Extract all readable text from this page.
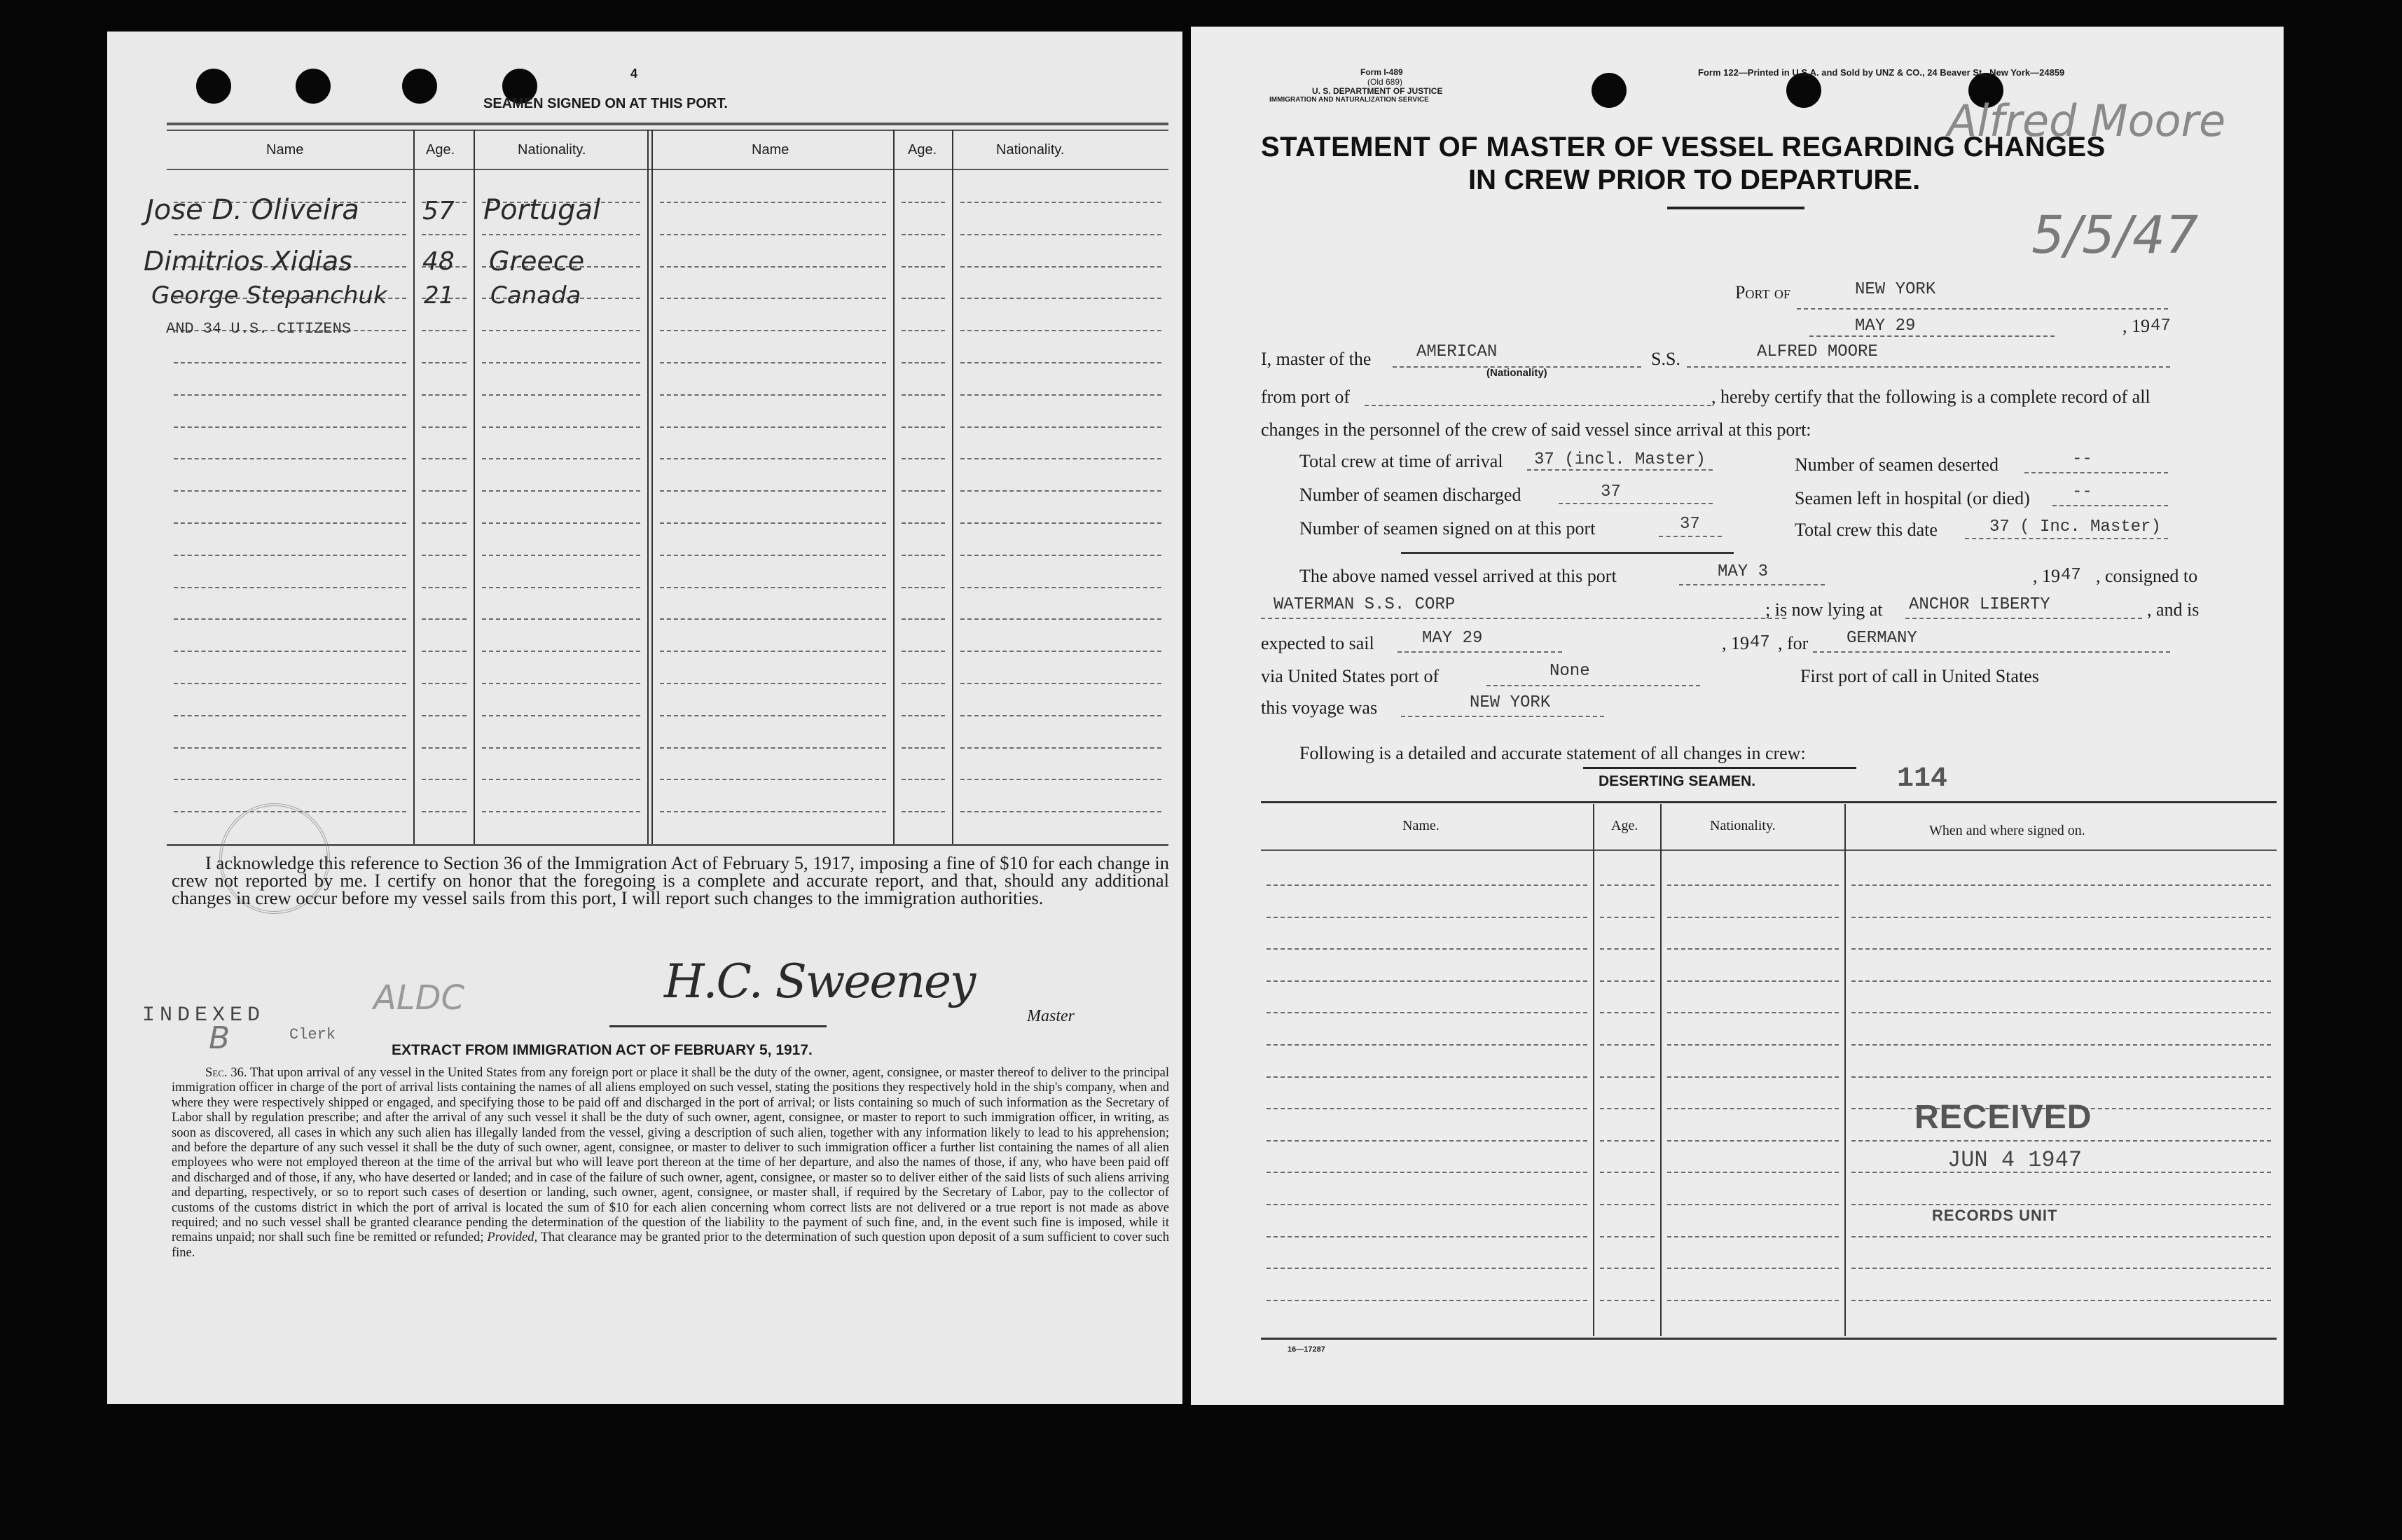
4
SEAMEN SIGNED ON AT THIS PORT.
Name	Age.	Nationality.	Name	Age.	Nationality.
Jose D. Oliveira	57 Portugal
Dimitrios Xidias	48 Greece
George Stepanchuk 21 Canada
AND 34 U.S. CITIZENS
I acknowledge this reference to Section 36 of the Immigration Act of February 5, 1917, imposing a fine of $10 for each change in crew not reported by me. I certify on honor that the foregoing is a complete and accurate report, and that, should any additional changes in crew occur before my vessel sails from this port, I will report such changes to the immigration authorities.
INDEXED	ALDC
B	Clerk
H.C. Sweeney
Master
EXTRACT FROM IMMIGRATION ACT OF FEBRUARY 5, 1917.
Sec. 36. That upon arrival of any vessel in the United States from any foreign port or place it shall be the duty of the owner, agent, consignee, or master thereof to deliver to the principal immigration officer in charge of the port of arrival lists containing the names of all aliens employed on such vessel, stating the positions they respectively hold in the ship's company, when and where they were respectively shipped or engaged, and specifying those to be paid off and discharged in the port of arrival; or lists containing so much of such information as the Secretary of Labor shall by regulation prescribe; and after the arrival of any such vessel it shall be the duty of such owner, agent, consignee, or master to report to such immigration officer, in writing, as soon as discovered, all cases in which any such alien has illegally landed from the vessel, giving a description of such alien, together with any information likely to lead to his apprehension; and before the departure of any such vessel it shall be the duty of such owner, agent, consignee, or master to deliver to such immigration officer a further list containing the names of all alien employees who were not employed thereon at the time of the arrival but who will leave port thereon at the time of her departure, and also the names of those, if any, who have been paid off and discharged and of those, if any, who have deserted or landed; and in case of the failure of such owner, agent, consignee, or master so to deliver either of the said lists of such aliens arriving and departing, respectively, or so to report such cases of desertion or landing, such owner, agent, consignee, or master shall, if required by the Secretary of Labor, pay to the collector of customs of the customs district in which the port of arrival is located the sum of $10 for each alien concerning whom correct lists are not delivered or a true report is not made as above required; and no such vessel shall be granted clearance pending the determination of the question of the liability to the payment of such fine, and, in the event such fine is imposed, while it remains unpaid; nor shall such fine be remitted or refunded; Provided, That clearance may be granted prior to the determination of such question upon deposit of a sum sufficient to cover such fine.
Form I-489
(Old 689)
U. S. DEPARTMENT OF JUSTICE
IMMIGRATION AND NATURALIZATION SERVICE
Form 122—Printed in U.S.A. and Sold by UNZ & CO., 24 Beaver St., New York—24859
Alfred Moore
5/5/47
STATEMENT OF MASTER OF VESSEL REGARDING CHANGES
IN CREW PRIOR TO DEPARTURE.
Port of	NEW YORK
MAY 29	, 19 47
I, master of the	AMERICAN
(Nationality)
S.S.	ALFRED MOORE
from port of	, hereby certify that the following is a complete record of all
changes in the personnel of the crew of said vessel since arrival at this port:
Total crew at time of arrival 37 (incl. Master)	Number of seamen deserted	--
Number of seamen discharged	37	Seamen left in hospital (or died)	--
Number of seamen signed on at this port	37	Total crew this date	37 ( Inc. Master)
The above named vessel arrived at this port	MAY 3	, 19 47 , consigned to
WATERMAN S.S. CORP	; is now lying at ANCHOR LIBERTY	, and is
expected to sail	MAY 29	, 19 47 , for GERMANY
via United States port of	None	First port of call in United States
this voyage was	NEW YORK
Following is a detailed and accurate statement of all changes in crew:
DESERTING SEAMEN.	114
Name.	Age.	Nationality.	When and where signed on.
RECEIVED
JUN 4 1947
RECORDS UNIT
16—17287
